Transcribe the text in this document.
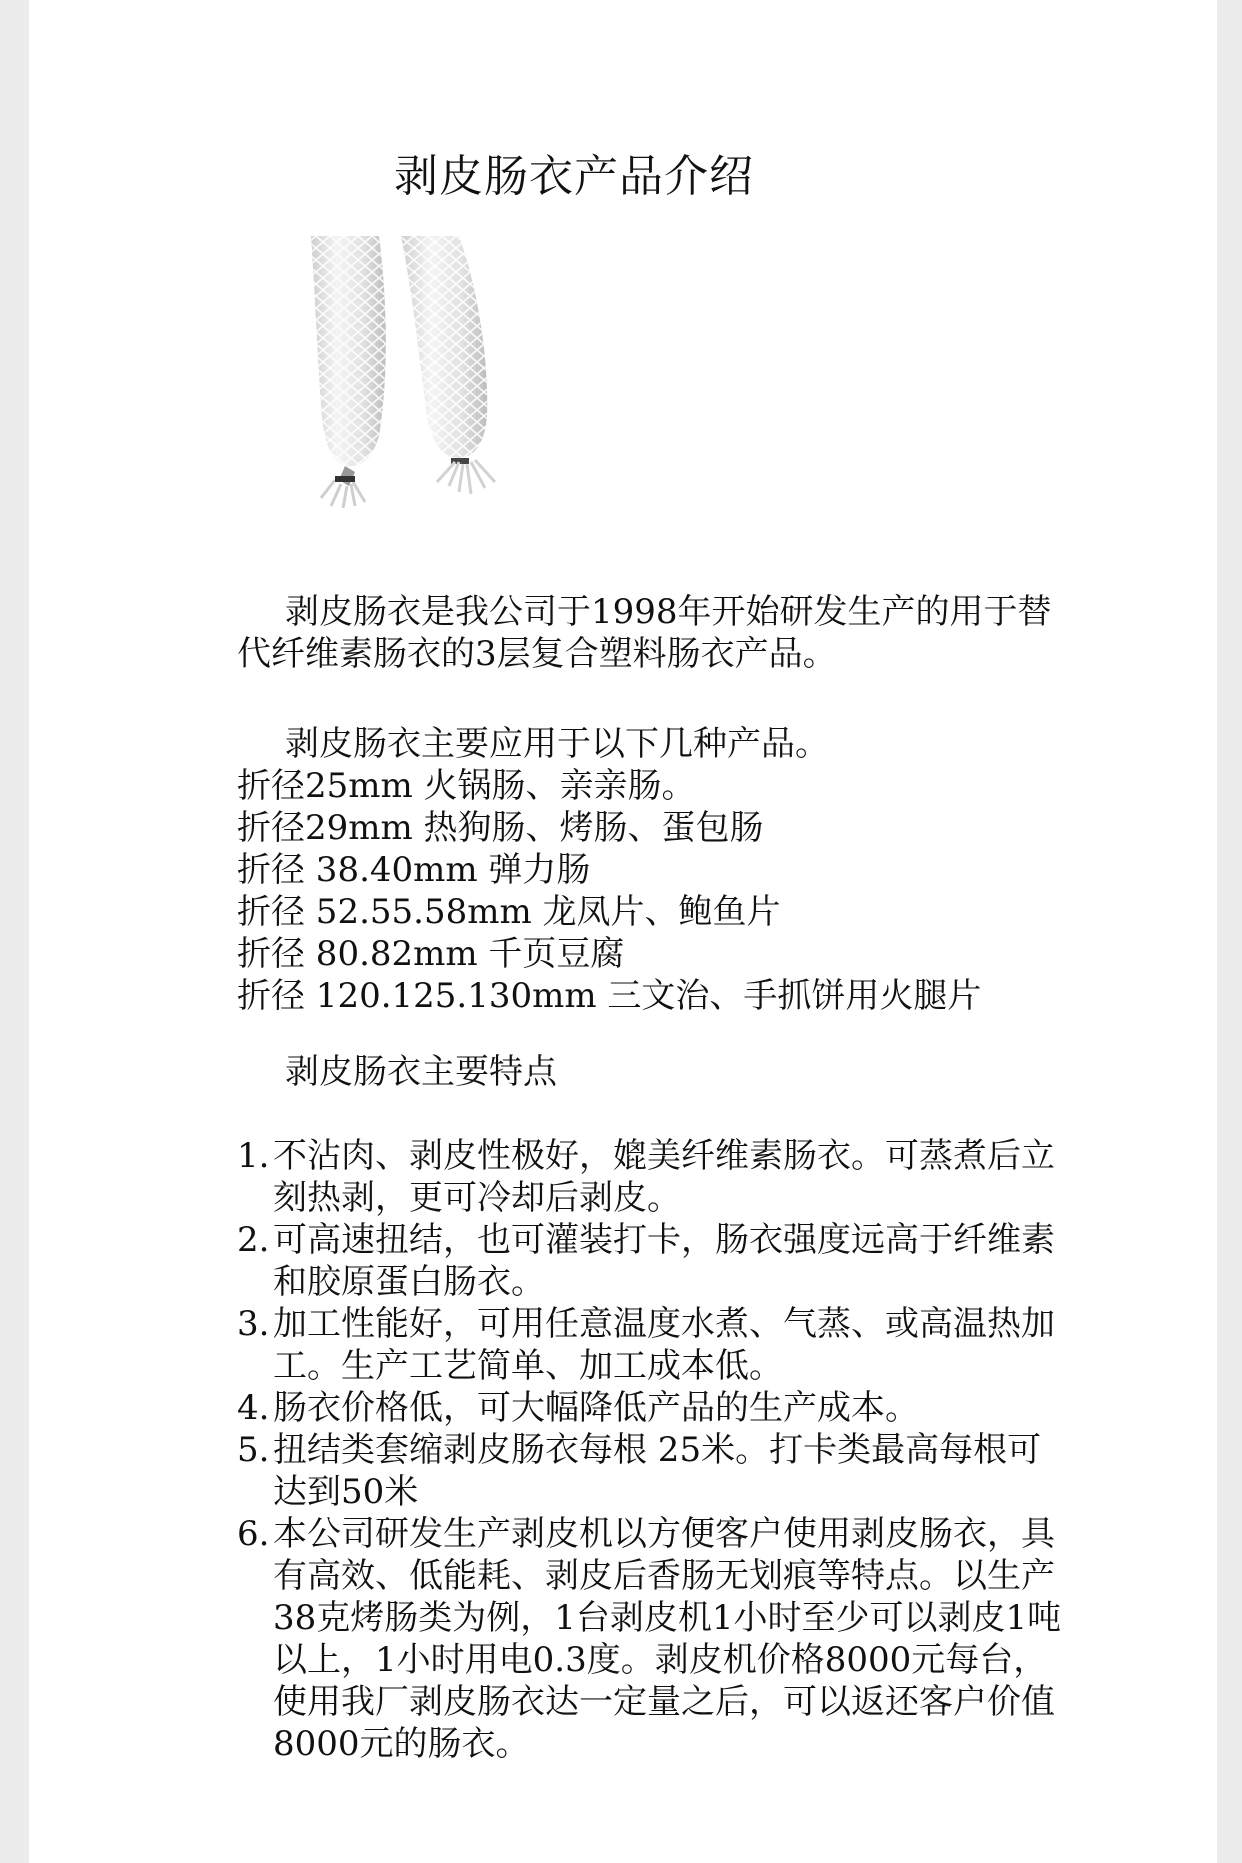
剥皮肠衣产品介绍
剥皮肠衣是我公司于1998年开始研发生产的用于替代纤维素肠衣的3层复合塑料肠衣产品。
剥皮肠衣主要应用于以下几种产品。
折径25mm 火锅肠、亲亲肠。
折径29mm 热狗肠、烤肠、蛋包肠
折径 38.40mm 弹力肠
折径 52.55.58mm 龙凤片、鲍鱼片
折径 80.82mm 千页豆腐
折径 120.125.130mm 三文治、手抓饼用火腿片
剥皮肠衣主要特点
1. 不沾肉、剥皮性极好，媲美纤维素肠衣。可蒸煮后立刻热剥，更可冷却后剥皮。
2. 可高速扭结，也可灌装打卡，肠衣强度远高于纤维素和胶原蛋白肠衣。
3. 加工性能好，可用任意温度水煮、气蒸、或高温热加工。生产工艺简单、加工成本低。
4. 肠衣价格低，可大幅降低产品的生产成本。
5. 扭结类套缩剥皮肠衣每根 25米。打卡类最高每根可达到50米
6. 本公司研发生产剥皮机以方便客户使用剥皮肠衣，具有高效、低能耗、剥皮后香肠无划痕等特点。以生产38克烤肠类为例，1台剥皮机1小时至少可以剥皮1吨以上，1小时用电0.3度。剥皮机价格8000元每台，使用我厂剥皮肠衣达一定量之后，可以返还客户价值8000元的肠衣。
